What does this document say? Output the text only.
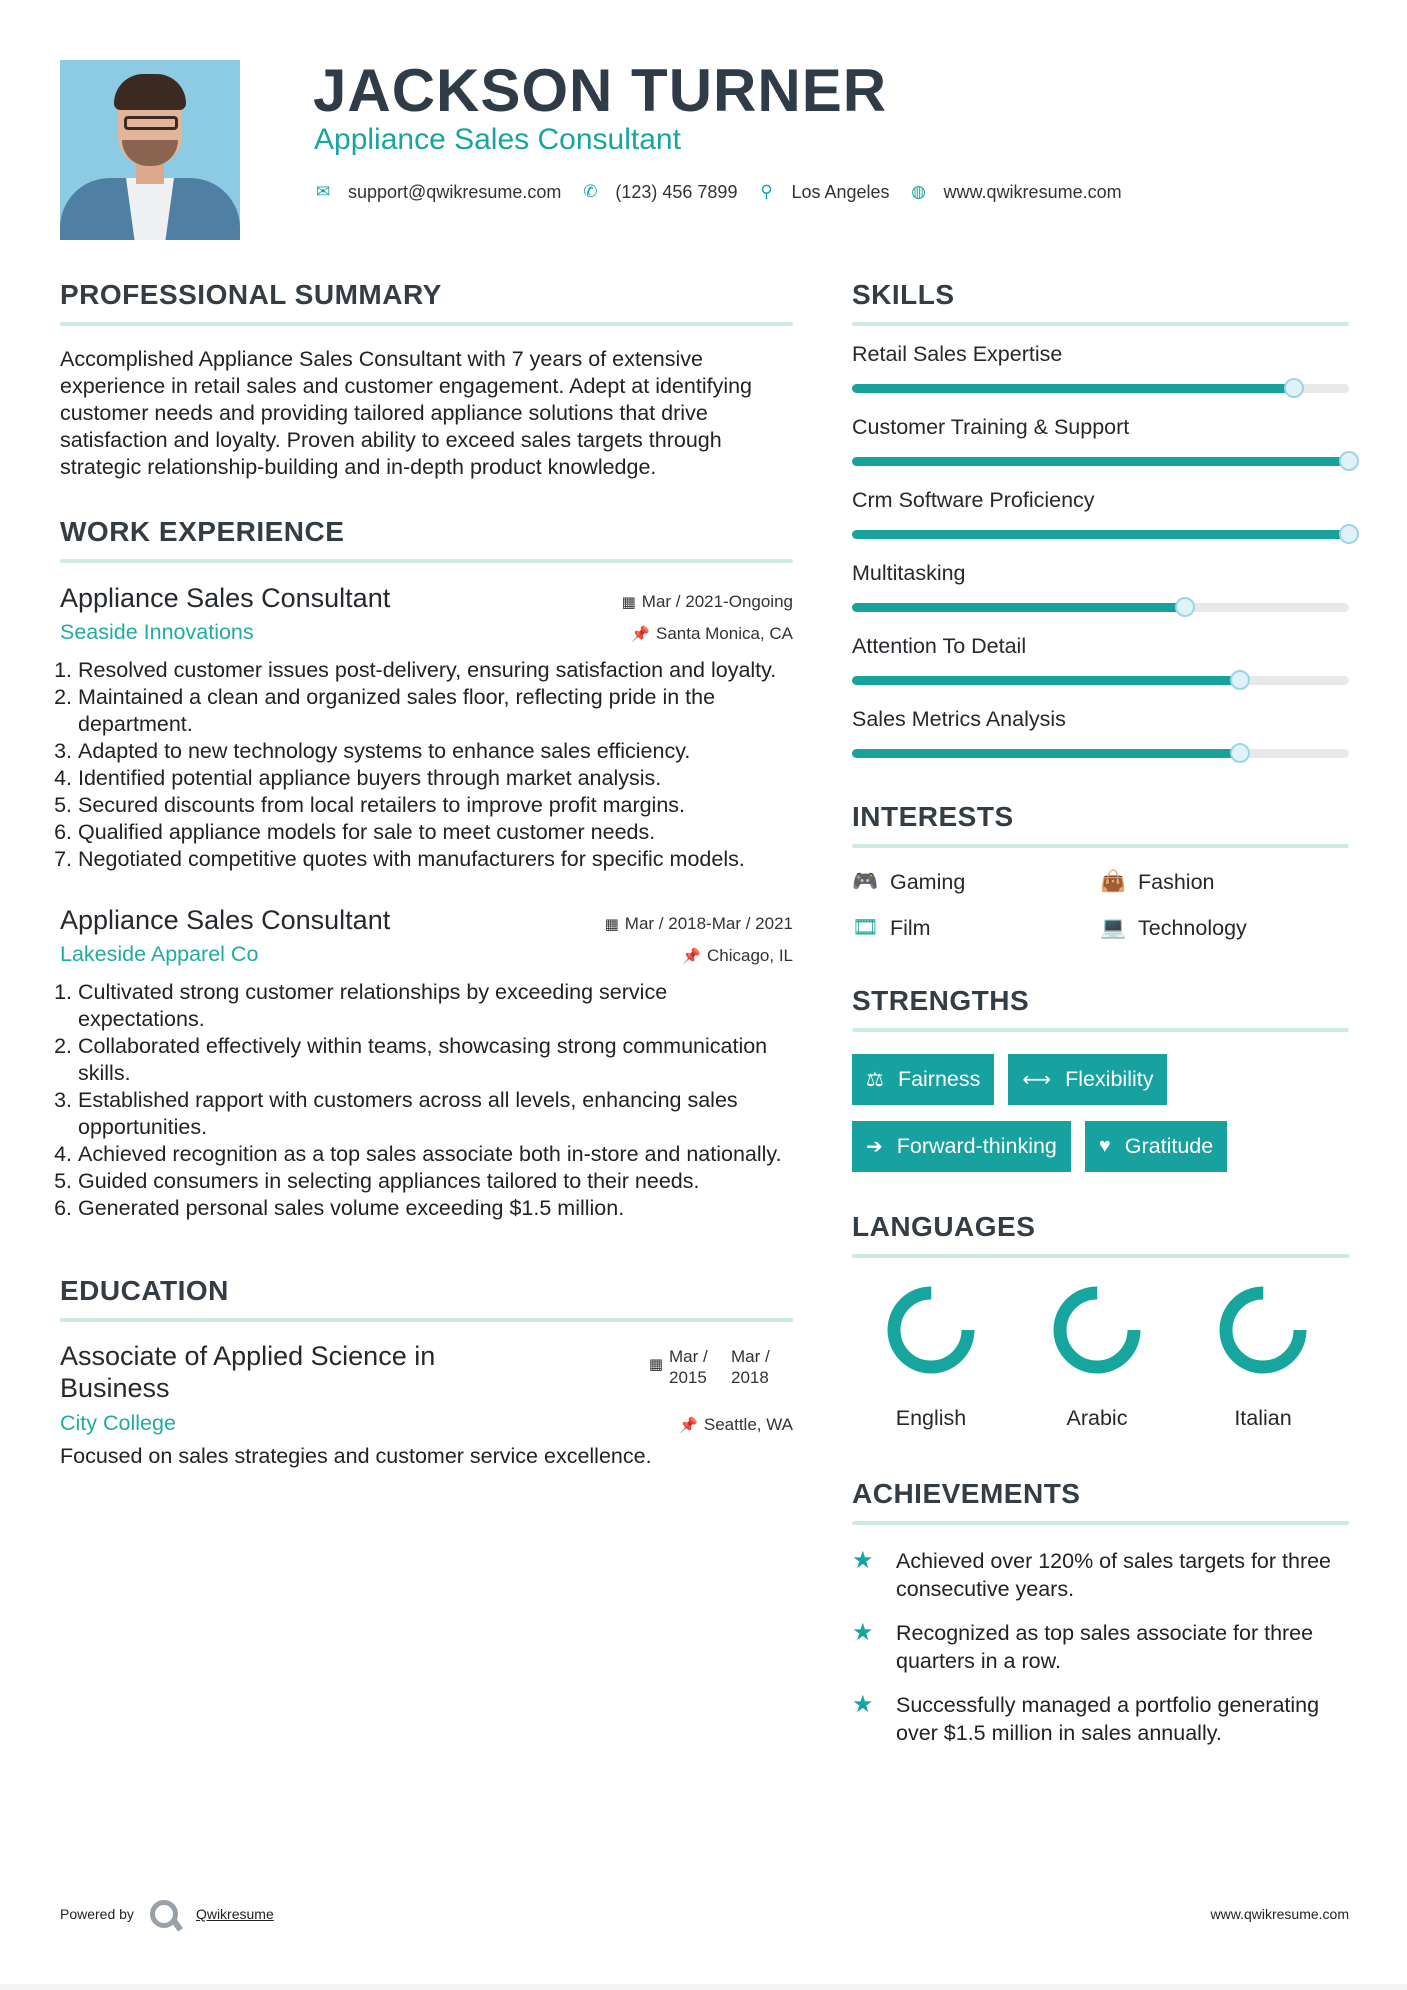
JACKSON TURNER
Appliance Sales Consultant
✉ support@qwikresume.com ✆ (123) 456 7899 ⚲ Los Angeles ◍ www.qwikresume.com
PROFESSIONAL SUMMARY

Accomplished Appliance Sales Consultant with 7 years of extensive experience in retail sales and customer engagement. Adept at identifying customer needs and providing tailored appliance solutions that drive satisfaction and loyalty. Proven ability to exceed sales targets through strategic relationship-building and in-depth product knowledge.

WORK EXPERIENCE
Appliance Sales Consultant	▦ Mar / 2021-Ongoing
Seaside Innovations	📌 Santa Monica, CA
1. Resolved customer issues post-delivery, ensuring satisfaction and loyalty.
2. Maintained a clean and organized sales floor, reflecting pride in the department.
3. Adapted to new technology systems to enhance sales efficiency.
4. Identified potential appliance buyers through market analysis.
5. Secured discounts from local retailers to improve profit margins.
6. Qualified appliance models for sale to meet customer needs.
7. Negotiated competitive quotes with manufacturers for specific models.
Appliance Sales Consultant	▦ Mar / 2018-Mar / 2021
Lakeside Apparel Co	📌 Chicago, IL
1. Cultivated strong customer relationships by exceeding service expectations.
2. Collaborated effectively within teams, showcasing strong communication skills.
3. Established rapport with customers across all levels, enhancing sales opportunities.
4. Achieved recognition as a top sales associate both in-store and nationally.
5. Guided consumers in selecting appliances tailored to their needs.
6. Generated personal sales volume exceeding $1.5 million.
EDUCATION
Associate of Applied Science in Business
▦ Mar / 2015
Mar / 2018
City College	📌 Seattle, WA

Focused on sales strategies and customer service excellence.

SKILLS
Retail Sales Expertise
Customer Training & Support
Crm Software Proficiency
Multitasking
Attention To Detail
Sales Metrics Analysis
INTERESTS
🎮 Gaming	👜 Fashion
🎞 Film	💻 Technology
STRENGTHS
⚖ Fairness ⟷ Flexibility
➔ Forward-thinking ♥ Gratitude
LANGUAGES
English	Arabic	Italian
ACHIEVEMENTS
★	Achieved over 120% of sales targets for three consecutive years.
★	Recognized as top sales associate for three quarters in a row.
★	Successfully managed a portfolio generating over $1.5 million in sales annually.
Powered by	Qwikresume	www.qwikresume.com
